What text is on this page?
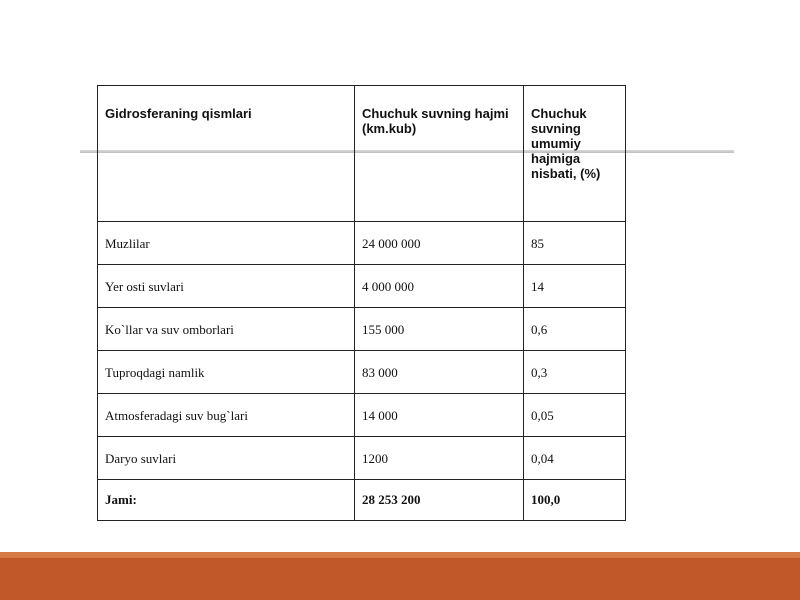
Gidrosferaning qismlari	Chuchuk suvning hajmi (km.kub)	Chuchuk suvning umumiy hajmiga nisbati, (%)
Muzlilar	24 000 000	85
Yer osti suvlari	4 000 000	14
Ko`llar va suv omborlari	155 000	0,6
Tuproqdagi namlik	83 000	0,3
Atmosferadagi suv bug`lari	14 000	0,05
Daryo suvlari	1200	0,04
Jami:	28 253 200	100,0
